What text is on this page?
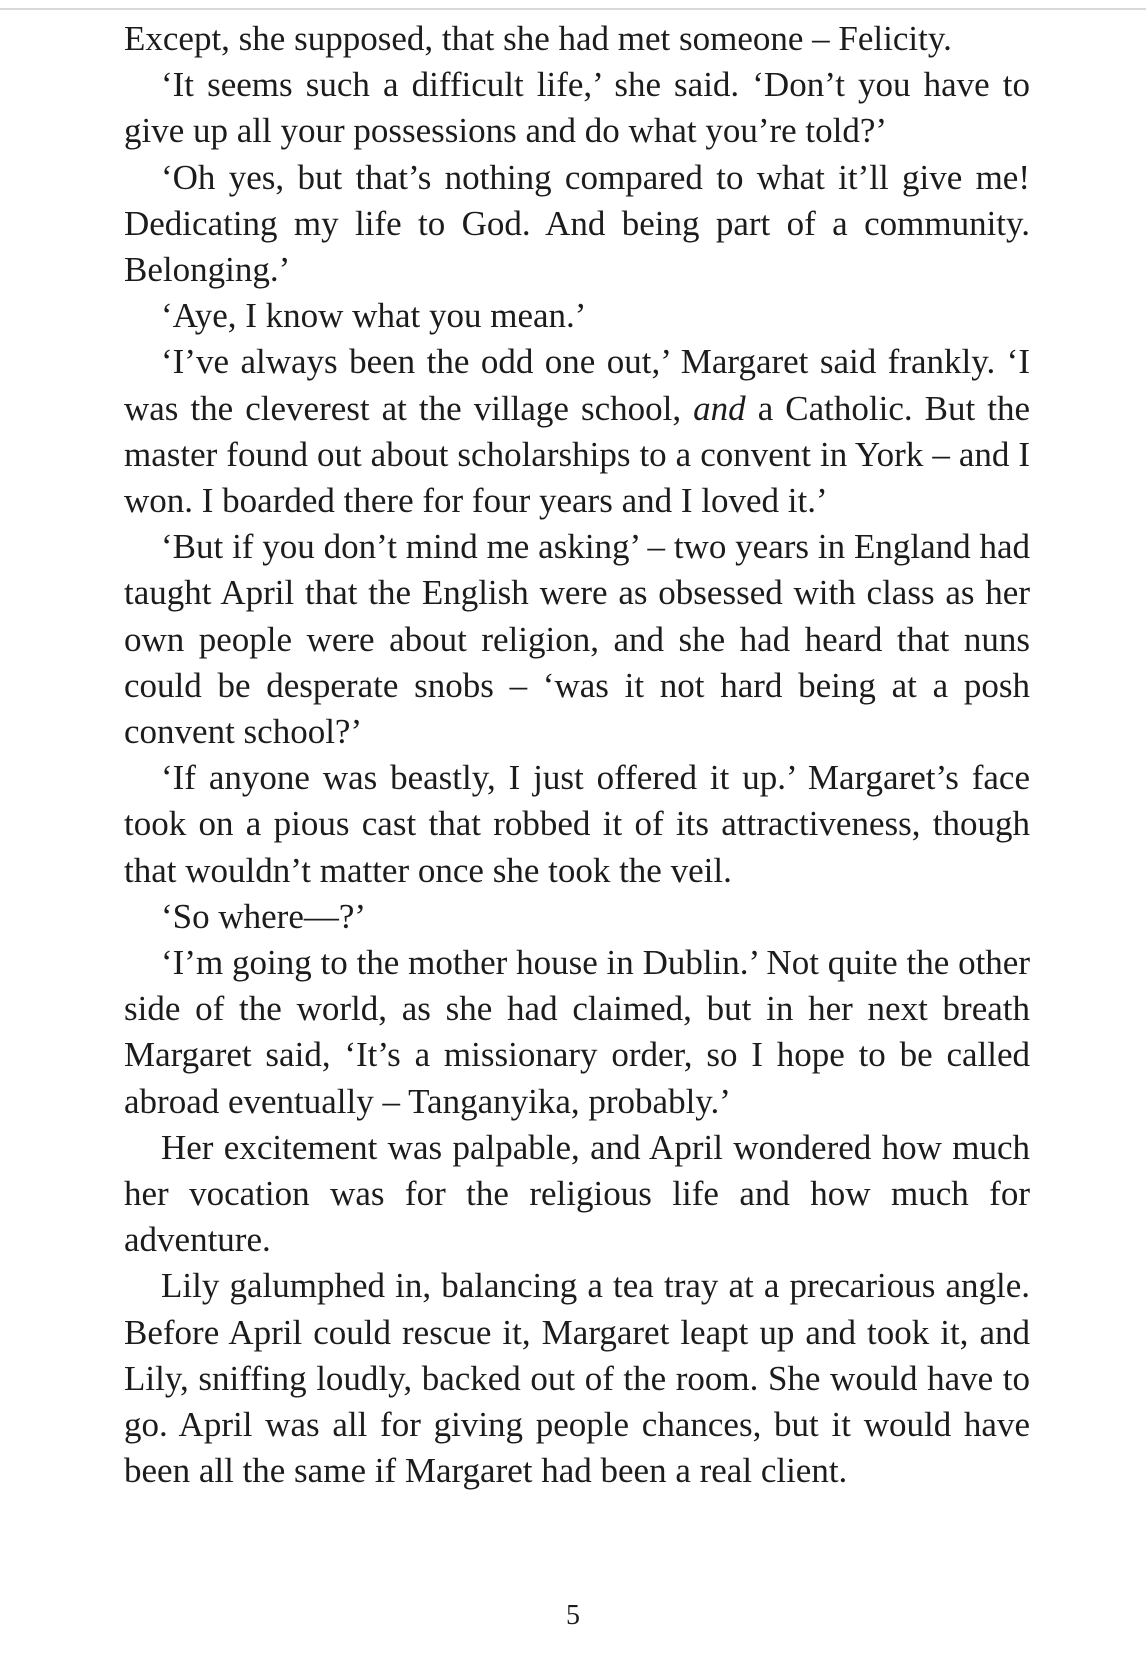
Except, she supposed, that she had met someone – Felicity.

‘It seems such a difficult life,’ she said. ‘Don’t you have to give up all your possessions and do what you’re told?’

‘Oh yes, but that’s nothing compared to what it’ll give me! Dedicating my life to God. And being part of a community. Belonging.’

‘Aye, I know what you mean.’

‘I’ve always been the odd one out,’ Margaret said frankly. ‘I was the cleverest at the village school, and a Catholic. But the master found out about scholarships to a convent in York – and I won. I boarded there for four years and I loved it.’

‘But if you don’t mind me asking’ – two years in England had taught April that the English were as obsessed with class as her own people were about religion, and she had heard that nuns could be desperate snobs – ‘was it not hard being at a posh convent school?’

‘If anyone was beastly, I just offered it up.’ Margaret’s face took on a pious cast that robbed it of its attractiveness, though that wouldn’t matter once she took the veil.

‘So where—?’

‘I’m going to the mother house in Dublin.’ Not quite the other side of the world, as she had claimed, but in her next breath Margaret said, ‘It’s a missionary order, so I hope to be called abroad eventually – Tanganyika, probably.’

Her excitement was palpable, and April wondered how much her vocation was for the religious life and how much for adventure.

Lily galumphed in, balancing a tea tray at a precarious angle. Before April could rescue it, Margaret leapt up and took it, and Lily, sniffing loudly, backed out of the room. She would have to go. April was all for giving people chances, but it would have been all the same if Margaret had been a real client.

5
